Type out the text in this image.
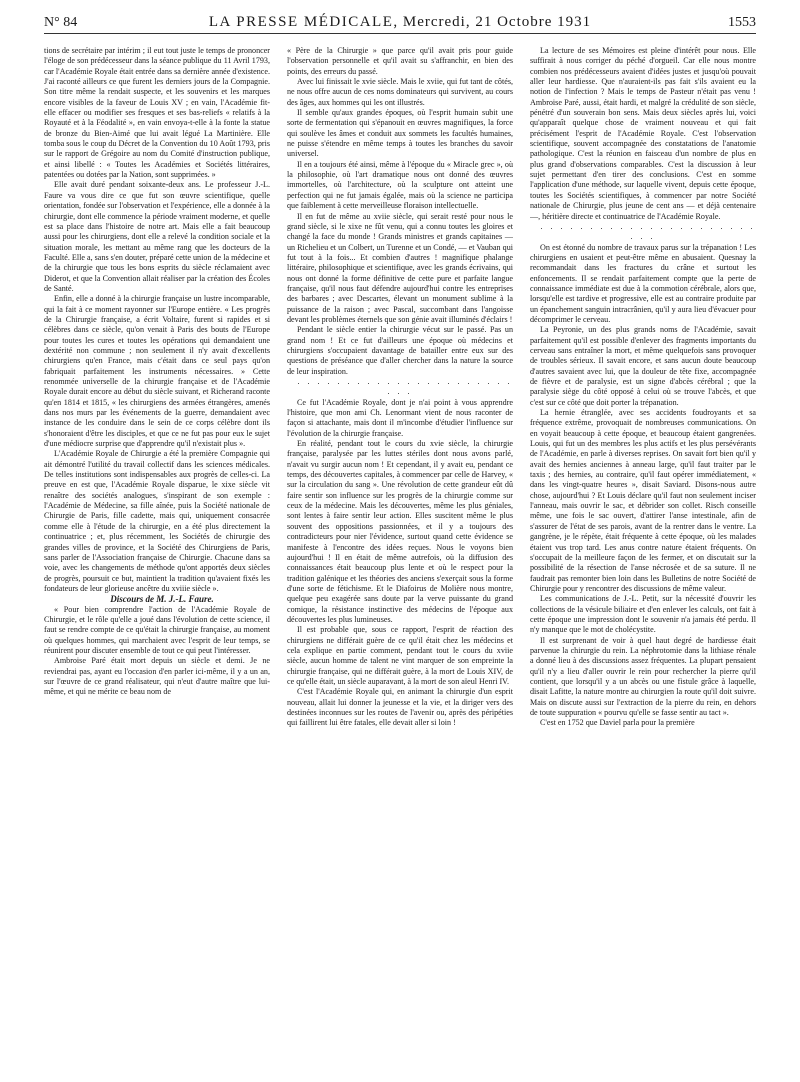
N° 84	LA PRESSE MÉDICALE, Mercredi, 21 Octobre 1931	1553

tions de secrétaire par intérim ; il eut tout juste le temps de prononcer l'éloge de son prédécesseur dans la séance publique du 11 Avril 1793, car l'Académie Royale était entrée dans sa dernière année d'existence. J'ai raconté ailleurs ce que furent les derniers jours de la Compagnie. Son titre même la rendait suspecte, et les souvenirs et les marques encore visibles de la faveur de Louis XV ; en vain, l'Académie fit-elle effacer ou modifier ses fresques et ses bas-reliefs « relatifs à la Royauté et à la Féodalité », en vain envoya-t-elle à la fonte la statue de bronze du Bien-Aimé que lui avait légué La Martinière. Elle tomba sous le coup du Décret de la Convention du 10 Août 1793, pris sur le rapport de Grégoire au nom du Comité d'instruction publique, et ainsi libellé : « Toutes les Académies et Sociétés littéraires, patentées ou dotées par la Nation, sont supprimées. »

Elle avait duré pendant soixante-deux ans. Le professeur J.-L. Faure va vous dire ce que fut son œuvre scientifique, quelle orientation, fondée sur l'observation et l'expérience, elle a donnée à la chirurgie, dont elle commence la période vraiment moderne, et quelle est sa place dans l'histoire de notre art. Mais elle a fait beaucoup aussi pour les chirurgiens, dont elle a relevé la condition sociale et la situation morale, les mettant au même rang que les docteurs de la Faculté. Elle a, sans s'en douter, préparé cette union de la médecine et de la chirurgie que tous les bons esprits du siècle réclamaient avec Diderot, et que la Convention allait réaliser par la création des Écoles de Santé.

Enfin, elle a donné à la chirurgie française un lustre incomparable, qui la fait à ce moment rayonner sur l'Europe entière. « Les progrès de la Chirurgie française, a écrit Voltaire, furent si rapides et si célèbres dans ce siècle, qu'on venait à Paris des bouts de l'Europe pour toutes les cures et toutes les opérations qui demandaient une dextérité non commune ; non seulement il n'y avait d'excellents chirurgiens qu'en France, mais c'était dans ce seul pays qu'on fabriquait parfaitement les instruments nécessaires. » Cette renommée universelle de la chirurgie française et de l'Académie Royale durait encore au début du siècle suivant, et Richerand raconte qu'en 1814 et 1815, « les chirurgiens des armées étrangères, amenés dans nos murs par les événements de la guerre, demandaient avec instance de les conduire dans le sein de ce corps célèbre dont ils s'honoraient d'être les disciples, et que ce ne fut pas pour eux le sujet d'une médiocre surprise que d'apprendre qu'il n'existait plus ».

L'Académie Royale de Chirurgie a été la première Compagnie qui ait démontré l'utilité du travail collectif dans les sciences médicales. De telles institutions sont indispensables aux progrès de celles-ci. La preuve en est que, l'Académie Royale disparue, le xixe siècle vit renaître des sociétés analogues, s'inspirant de son exemple : l'Académie de Médecine, sa fille aînée, puis la Société nationale de Chirurgie de Paris, fille cadette, mais qui, uniquement consacrée comme elle à l'étude de la chirurgie, en a été plus directement la continuatrice ; et, plus récemment, les Sociétés de chirurgie des grandes villes de province, et la Société des Chirurgiens de Paris, sans parler de l'Association française de Chirurgie. Chacune dans sa voie, avec les changements de méthode qu'ont apportés deux siècles de progrès, poursuit ce but, maintient la tradition qu'avaient fixés les fondateurs de leur glorieuse ancêtre du xviiie siècle ».

Discours de M. J.-L. Faure.

« Pour bien comprendre l'action de l'Académie Royale de Chirurgie, et le rôle qu'elle a joué dans l'évolution de cette science, il faut se rendre compte de ce qu'était la chirurgie française, au moment où quelques hommes, qui marchaient avec l'esprit de leur temps, se réunirent pour discuter ensemble de tout ce qui peut l'intéresser.

Ambroise Paré était mort depuis un siècle et demi. Je ne reviendrai pas, ayant eu l'occasion d'en parler ici-même, il y a un an, sur l'œuvre de ce grand réalisateur, qui n'eut d'autre maître que lui-même, et qui ne mérite ce beau nom de

« Père de la Chirurgie » que parce qu'il avait pris pour guide l'observation personnelle et qu'il avait su s'affranchir, en bien des points, des erreurs du passé.

Avec lui finissait le xvie siècle. Mais le xviie, qui fut tant de côtés, ne nous offre aucun de ces noms dominateurs qui survivent, au cours des âges, aux hommes qui les ont illustrés.

Il semble qu'aux grandes époques, où l'esprit humain subit une sorte de fermentation qui s'épanouit en œuvres magnifiques, la force qui soulève les âmes et conduit aux sommets les facultés humaines, ne puisse s'étendre en même temps à toutes les branches du savoir universel.

Il en a toujours été ainsi, même à l'époque du « Miracle grec », où la philosophie, où l'art dramatique nous ont donné des œuvres immortelles, où l'architecture, où la sculpture ont atteint une perfection qui ne fut jamais égalée, mais où la science ne participa que faiblement à cette merveilleuse floraison intellectuelle.

Il en fut de même au xviie siècle, qui serait resté pour nous le grand siècle, si le xixe ne fût venu, qui a connu toutes les gloires et changé la face du monde ! Grands ministres et grands capitaines — un Richelieu et un Colbert, un Turenne et un Condé, — et Vauban qui fut tout à la fois... Et combien d'autres ! magnifique phalange littéraire, philosophique et scientifique, avec les grands écrivains, qui nous ont donné la forme définitive de cette pure et parfaite langue française, qu'il nous faut défendre aujourd'hui contre les entreprises des barbares ; avec Descartes, élevant un monument sublime à la puissance de la raison ; avec Pascal, succombant dans l'angoisse devant les problèmes éternels que son génie avait illuminés d'éclairs !

Pendant le siècle entier la chirurgie vécut sur le passé. Pas un grand nom ! Et ce fut d'ailleurs une époque où médecins et chirurgiens s'occupaient davantage de batailler entre eux sur des questions de préséance que d'aller chercher dans la nature la source de leur inspiration.

. . . . . . . . . . . . . . . . . . . . . . . . .

Ce fut l'Académie Royale, dont je n'ai point à vous apprendre l'histoire, que mon ami Ch. Lenormant vient de nous raconter de façon si attachante, mais dont il m'incombe d'étudier l'influence sur l'évolution de la chirurgie française.

En réalité, pendant tout le cours du xvie siècle, la chirurgie française, paralysée par les luttes stériles dont nous avons parlé, n'avait vu surgir aucun nom ! Et cependant, il y avait eu, pendant ce temps, des découvertes capitales, à commencer par celle de Harvey, « sur la circulation du sang ». Une révolution de cette grandeur eût dû faire sentir son influence sur les progrès de la chirurgie comme sur ceux de la médecine. Mais les découvertes, même les plus géniales, sont lentes à faire sentir leur action. Elles suscitent même le plus souvent des oppositions passionnées, et il y a toujours des contradicteurs pour nier l'évidence, surtout quand cette évidence se manifeste à l'encontre des idées reçues. Nous le voyons bien aujourd'hui ! Il en était de même autrefois, où la diffusion des connaissances était beaucoup plus lente et où le respect pour la tradition galénique et les théories des anciens s'exerçait sous la forme d'une sorte de fétichisme. Et le Diafoirus de Molière nous montre, quelque peu exagérée sans doute par la verve puissante du grand comique, la résistance instinctive des médecins de l'époque aux découvertes les plus lumineuses.

Il est probable que, sous ce rapport, l'esprit de réaction des chirurgiens ne différait guère de ce qu'il était chez les médecins et cela explique en partie comment, pendant tout le cours du xviie siècle, aucun homme de talent ne vint marquer de son empreinte la chirurgie française, qui ne différait guère, à la mort de Louis XIV, de ce qu'elle était, un siècle auparavant, à la mort de son aïeul Henri IV.

C'est l'Académie Royale qui, en animant la chirurgie d'un esprit nouveau, allait lui donner la jeunesse et la vie, et la diriger vers des destinées inconnues sur les routes de l'avenir ou, après des péripéties qui faillirent lui être fatales, elle devait aller si loin !

La lecture de ses Mémoires est pleine d'intérêt pour nous. Elle suffirait à nous corriger du péché d'orgueil. Car elle nous montre combien nos prédécesseurs avaient d'idées justes et jusqu'où pouvait aller leur hardiesse. Que n'auraient-ils pas fait s'ils avaient eu la notion de l'infection ? Mais le temps de Pasteur n'était pas venu ! Ambroise Paré, aussi, était hardi, et malgré la crédulité de son siècle, pénétré d'un souverain bon sens. Mais deux siècles après lui, voici qu'apparaît quelque chose de vraiment nouveau et qui fait précisément l'esprit de l'Académie Royale. C'est l'observation scientifique, souvent accompagnée des constatations de l'anatomie pathologique. C'est la réunion en faisceau d'un nombre de plus en plus grand d'observations comparables. C'est la discussion à leur sujet permettant d'en tirer des conclusions. C'est en somme l'application d'une méthode, sur laquelle vivent, depuis cette époque, toutes les Sociétés scientifiques, à commencer par notre Société nationale de Chirurgie, plus jeune de cent ans — et déjà centenaire —, héritière directe et continuatrice de l'Académie Royale.

. . . . . . . . . . . . . . . . . . . . . . . . .

On est étonné du nombre de travaux parus sur la trépanation ! Les chirurgiens en usaient et peut-être même en abusaient. Quesnay la recommandait dans les fractures du crâne et surtout les enfoncements. Il se rendait parfaitement compte que la perte de connaissance immédiate est due à la commotion cérébrale, alors que, lorsqu'elle est tardive et progressive, elle est au contraire produite par un épanchement sanguin intracrânien, qu'il y aura lieu d'évacuer pour décomprimer le cerveau.

La Peyronie, un des plus grands noms de l'Académie, savait parfaitement qu'il est possible d'enlever des fragments importants du cerveau sans entraîner la mort, et même quelquefois sans provoquer de troubles sérieux. Il savait encore, et sans aucun doute beaucoup d'autres savaient avec lui, que la douleur de tête fixe, accompagnée de fièvre et de paralysie, est un signe d'abcès cérébral ; que la paralysie siège du côté opposé à celui où se trouve l'abcès, et que c'est sur ce côté que doit porter la trépanation.

La hernie étranglée, avec ses accidents foudroyants et sa fréquence extrême, provoquait de nombreuses communications. On en voyait beaucoup à cette époque, et beaucoup étaient gangrenées. Louis, qui fut un des membres les plus actifs et les plus persévérants de l'Académie, en parle à diverses reprises. On savait fort bien qu'il y avait des hernies anciennes à anneau large, qu'il faut traiter par le taxis ; des hernies, au contraire, qu'il faut opérer immédiatement, « dans les vingt-quatre heures », disait Saviard. Disons-nous autre chose, aujourd'hui ? Et Louis déclare qu'il faut non seulement inciser l'anneau, mais ouvrir le sac, et débrider son collet. Risch conseille même, une fois le sac ouvert, d'attirer l'anse intestinale, afin de s'assurer de l'état de ses parois, avant de la rentrer dans le ventre. La gangrène, je le répète, était fréquente à cette époque, où les malades étaient vus trop tard. Les anus contre nature étaient fréquents. On s'occupait de la meilleure façon de les fermer, et on discutait sur la possibilité de la résection de l'anse nécrosée et de sa suture. Il ne faudrait pas remonter bien loin dans les Bulletins de notre Société de Chirurgie pour y rencontrer des discussions de même valeur.

Les communications de J.-L. Petit, sur la nécessité d'ouvrir les collections de la vésicule biliaire et d'en enlever les calculs, ont fait à cette époque une impression dont le souvenir n'a jamais été perdu. Il n'y manque que le mot de cholécystite.

Il est surprenant de voir à quel haut degré de hardiesse était parvenue la chirurgie du rein. La néphrotomie dans la lithiase rénale a donné lieu à des discussions assez fréquentes. La plupart pensaient qu'il n'y a lieu d'aller ouvrir le rein pour rechercher la pierre qu'il contient, que lorsqu'il y a un abcès ou une fistule grâce à laquelle, disait Lafitte, la nature montre au chirurgien la route qu'il doit suivre. Mais on discute aussi sur l'extraction de la pierre du rein, en dehors de toute suppuration « pourvu qu'elle se fasse sentir au tact ».

C'est en 1752 que Daviel parla pour la première
